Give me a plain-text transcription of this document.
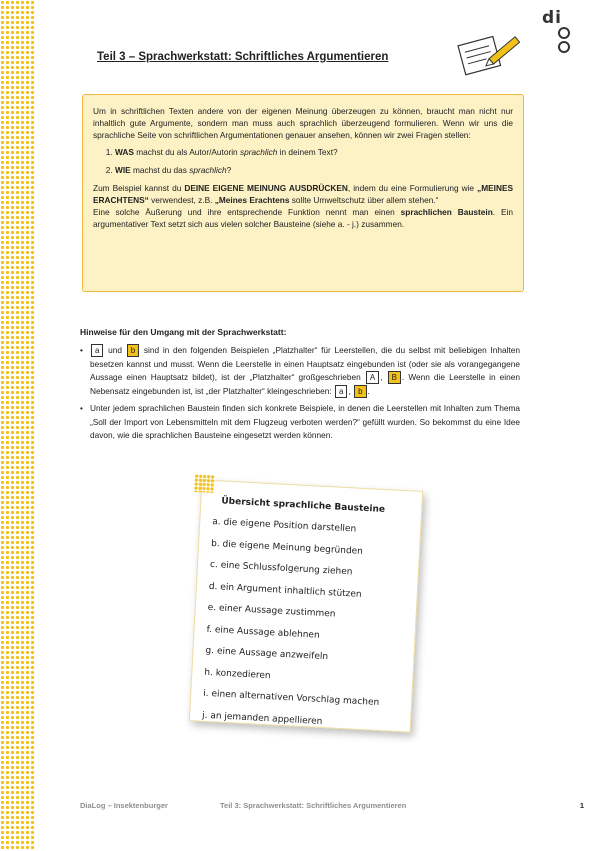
di
Teil 3 – Sprachwerkstatt: Schriftliches Argumentieren

Um in schriftlichen Texten andere von der eigenen Meinung überzeugen zu können, braucht man nicht nur inhaltlich gute Argumente, sondern man muss auch sprachlich überzeugend formulieren. Wenn wir uns die sprachliche Seite von schriftlichen Argumentationen genauer ansehen, können wir zwei Fragen stellen:

1. WAS machst du als Autor/Autorin sprachlich in deinem Text?
2. WIE machst du das sprachlich?

Zum Beispiel kannst du DEINE EIGENE MEINUNG AUSDRÜCKEN, indem du eine Formulierung wie „MEINES ERACHTENS“ verwendest, z.B. „Meines Erachtens sollte Umweltschutz über allem stehen.“
Eine solche Äußerung und ihre entsprechende Funktion nennt man einen sprachlichen Baustein. Ein argumentativer Text setzt sich aus vielen solcher Bausteine (siehe a. - j.) zusammen.

Hinweise für den Umgang mit der Sprachwerkstatt:
• a und b sind in den folgenden Beispielen „Platzhalter“ für Leerstellen, die du selbst mit beliebigen Inhalten besetzen kannst und musst. Wenn die Leerstelle in einen Hauptsatz eingebunden ist (oder sie als vorangegangene Aussage einen Hauptsatz bildet), ist der „Platzhalter“ großgeschrieben A , B . Wenn die Leerstelle in einen Nebensatz eingebunden ist, ist „der Platzhalter“ kleingeschrieben: a , b .
• Unter jedem sprachlichen Baustein finden sich konkrete Beispiele, in denen die Leerstellen mit Inhalten zum Thema „Soll der Import von Lebensmitteln mit dem Flugzeug verboten werden?“ gefüllt wurden. So bekommst du eine Idee davon, wie die sprachlichen Bausteine eingesetzt werden können.
Übersicht sprachliche Bausteine
a. die eigene Position darstellen
b. die eigene Meinung begründen
c. eine Schlussfolgerung ziehen
d. ein Argument inhaltlich stützen
e. einer Aussage zustimmen
f. eine Aussage ablehnen
g. eine Aussage anzweifeln
h. konzedieren
i. einen alternativen Vorschlag machen
j. an jemanden appellieren
DiaLog – Insektenburger	Teil 3: Sprachwerkstatt: Schriftliches Argumentieren	1
